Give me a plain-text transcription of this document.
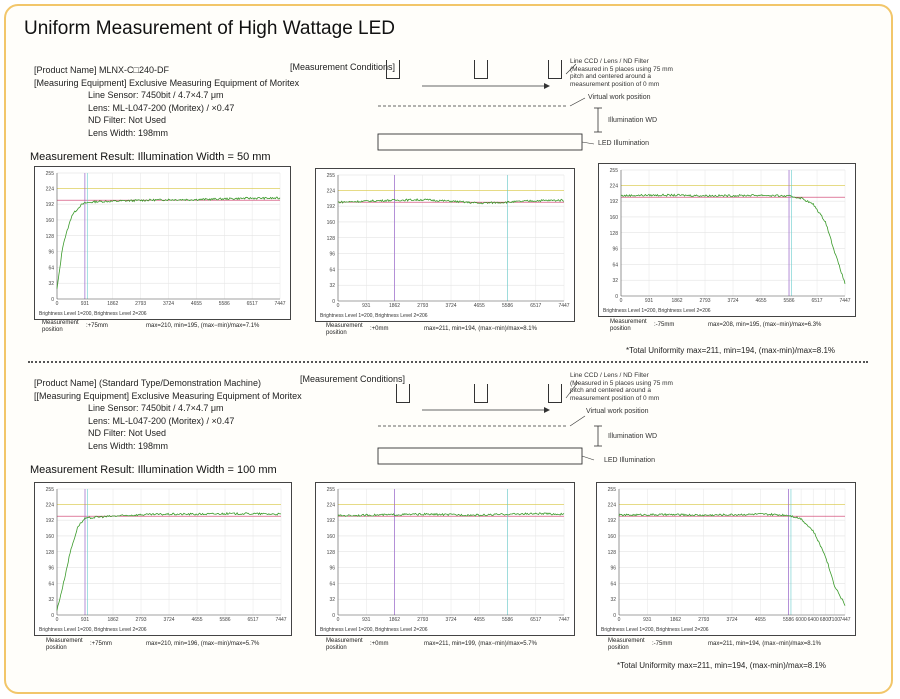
Uniform Measurement of High Wattage LED
[Product Name] MLNX-C□240-DF
[Measuring Equipment] Exclusive Measuring Equipment of Moritex
Line Sensor: 7450bit / 4.7×4.7 μm
Lens: ML-L047-200 (Moritex) / ×0.47
ND Filter: Not Used
Lens Width: 198mm
Measurement Result: Illumination Width = 50 mm
[Measurement Conditions]
Line CCD / Lens / ND Filter
(Measured in 5 places using 75 mm
pitch and centered around a
measurement position of 0 mm
Virtual work position
Illumination WD
LED Illumination
0
32
64
96
128
160
192
224
255
0	931	1862	2793	3724	4655	5586	6517	7447
Brightness Level 1=200, Brightness Level 2=206
0
32
64
96
128
160
192
224
255
0	931	1862	2793	3724	4655	5586	6517	7447
Brightness Level 1=200, Brightness Level 2=206
0
32
64
96
128
160
192
224
255
0	931	1862	2793	3724	4655	5586	6517	7447
Brightness Level 1=200, Brightness Level 2=206
Measurement position
:+75mm	max=210, min=195, (max−min)/max=7.1%	Measurement position
:+0mm	max=211, min=194, (max−min)/max=8.1%
Measurement position
:-75mm	max=208, min=195, (max−min)/max=6.3%
*Total Uniformity max=211, min=194, (max-min)/max=8.1%
[Product Name] (Standard Type/Demonstration Machine)
[[Measuring Equipment] Exclusive Measuring Equipment of Moritex
Line Sensor: 7450bit / 4.7×4.7 μm
Lens: ML-L047-200 (Moritex) / ×0.47
ND Filter: Not Used
Lens Width: 198mm
Measurement Result: Illumination Width = 100 mm
[Measurement Conditions]	Line CCD / Lens / ND Filter
(Measured in 5 places using 75 mm
pitch and centered around a
measurement position of 0 mm
Virtual work position
Illumination WD
LED Illumination
0
32
64
96
128
160
192
224
255
0	931	1862	2793	3724	4655	5586	6517	7447
Brightness Level 1=200, Brightness Level 2=206
0
32
64
96
128
160
192
224
255
0	931	1862	2793	3724	4655	5586	6517	7447
Brightness Level 1=200, Brightness Level 2=206
0
32
64
96
128
160
192
224
255
0	931	1862	2793	3724	4655	5586 6000 6400 6800
7100 7447
Brightness Level 1=200, Brightness Level 2=206
Measurement position
:+75mm	max=210, min=196, (max−min)/max=5.7%	Measurement position
:+0mm	max=211, min=199, (max−min)/max=5.7%	Measurement position
:-75mm	max=211, min=194, (max−min)/max=8.1%
*Total Uniformity max=211, min=194, (max-min)/max=8.1%
